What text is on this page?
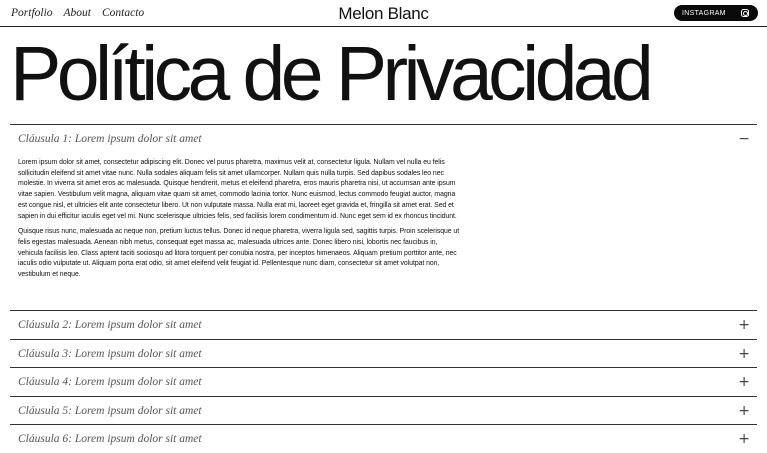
Portfolio About Contacto	Melon Blanc	INSTAGRAM
Política de Privacidad
Cláusula 1: Lorem ipsum dolor sit amet	−

Lorem ipsum dolor sit amet, consectetur adipiscing elit. Donec vel purus pharetra, maximus velit at, consectetur ligula. Nullam vel nulla eu felis sollicitudin eleifend sit amet vitae nunc. Nulla sodales aliquam felis sit amet ullamcorper. Nullam quis nulla turpis. Sed dapibus sodales leo nec molestie. In viverra sit amet eros ac malesuada. Quisque hendrerit, metus et eleifend pharetra, eros mauris pharetra nisi, ut accumsan ante ipsum vitae sapien. Vestibulum velit magna, aliquam vitae quam sit amet, commodo lacinia tortor. Nunc euismod, lectus commodo feugiat auctor, magna est congue nisl, et ultricies elit ante consectetur libero. Ut non vulputate massa. Nulla erat mi, laoreet eget gravida et, fringilla sit amet erat. Sed et sapien in dui efficitur iaculis eget vel mi. Nunc scelerisque ultricies felis, sed facilisis lorem condimentum id. Nunc eget sem id ex rhoncus tincidunt.

Quisque risus nunc, malesuada ac neque non, pretium luctus tellus. Donec id neque pharetra, viverra ligula sed, sagittis turpis. Proin scelerisque ut felis egestas malesuada. Aenean nibh metus, consequat eget massa ac, malesuada ultrices ante. Donec libero nisi, lobortis nec faucibus in, vehicula facilisis leo. Class aptent taciti sociosqu ad litora torquent per conubia nostra, per inceptos himenaeos. Aliquam pretium porttitor ante, nec iaculis odio vulputate ut. Aliquam porta erat odio, sit amet eleifend velit feugiat id. Pellentesque nunc diam, consectetur sit amet volutpat non, vestibulum et neque.

Cláusula 2: Lorem ipsum dolor sit amet	+
Cláusula 3: Lorem ipsum dolor sit amet	+
Cláusula 4: Lorem ipsum dolor sit amet	+
Cláusula 5: Lorem ipsum dolor sit amet	+
Cláusula 6: Lorem ipsum dolor sit amet	+
